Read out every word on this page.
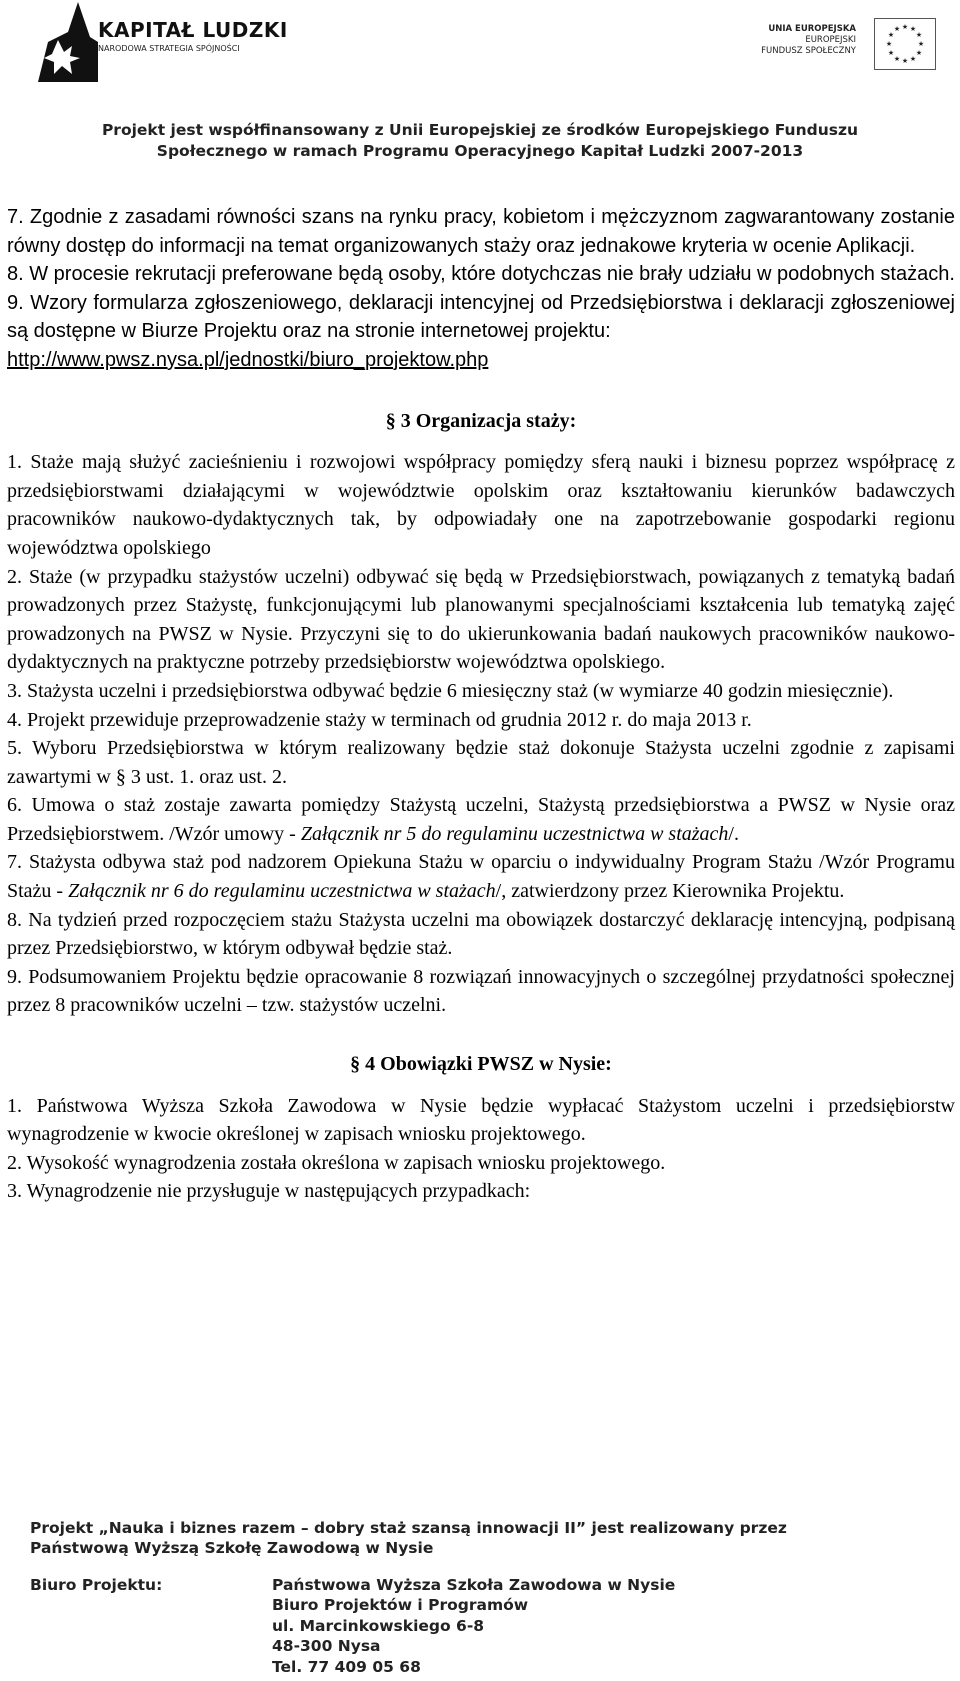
KAPITAŁ LUDZKI
NARODOWA STRATEGIA SPÓJNOŚCI
UNIA EUROPEJSKA
EUROPEJSKI
FUNDUSZ SPOŁECZNY
★ ★
★
★
★
★
★
★
★
★
★
★
Projekt jest współfinansowany z Unii Europejskiej ze środków Europejskiego Funduszu
Społecznego w ramach Programu Operacyjnego Kapitał Ludzki 2007-2013

7. Zgodnie z zasadami równości szans na rynku pracy, kobietom i mężczyznom zagwarantowany zostanie równy dostęp do informacji na temat organizowanych staży oraz jednakowe kryteria w ocenie Aplikacji.

8. W procesie rekrutacji preferowane będą osoby, które dotychczas nie brały udziału w podobnych stażach.

9. Wzory formularza zgłoszeniowego, deklaracji intencyjnej od Przedsiębiorstwa i deklaracji zgłoszeniowej są dostępne w Biurze Projektu oraz na stronie internetowej projektu:

http://www.pwsz.nysa.pl/jednostki/biuro_projektow.php

§ 3 Organizacja staży:

1. Staże mają służyć zacieśnieniu i rozwojowi współpracy pomiędzy sferą nauki i biznesu poprzez współpracę z przedsiębiorstwami działającymi w województwie opolskim oraz kształtowaniu kierunków badawczych pracowników naukowo-dydaktycznych tak, by odpowiadały one na zapotrzebowanie gospodarki regionu województwa opolskiego

2. Staże (w przypadku stażystów uczelni) odbywać się będą w Przedsiębiorstwach, powiązanych z tematyką badań prowadzonych przez Stażystę, funkcjonującymi lub planowanymi specjalnościami kształcenia lub tematyką zajęć prowadzonych na PWSZ w Nysie. Przyczyni się to do ukierunkowania badań naukowych pracowników naukowo-dydaktycznych na praktyczne potrzeby przedsiębiorstw województwa opolskiego.

3. Stażysta uczelni i przedsiębiorstwa odbywać będzie 6 miesięczny staż (w wymiarze 40 godzin miesięcznie).

4. Projekt przewiduje przeprowadzenie staży w terminach od grudnia 2012 r. do maja 2013 r.

5. Wyboru Przedsiębiorstwa w którym realizowany będzie staż dokonuje Stażysta uczelni zgodnie z zapisami zawartymi w § 3 ust. 1. oraz ust. 2.

6. Umowa o staż zostaje zawarta pomiędzy Stażystą uczelni, Stażystą przedsiębiorstwa a PWSZ w Nysie oraz Przedsiębiorstwem. /Wzór umowy - Załącznik nr 5 do regulaminu uczestnictwa w stażach/.

7. Stażysta odbywa staż pod nadzorem Opiekuna Stażu w oparciu o indywidualny Program Stażu /Wzór Programu Stażu - Załącznik nr 6 do regulaminu uczestnictwa w stażach/, zatwierdzony przez Kierownika Projektu.

8. Na tydzień przed rozpoczęciem stażu Stażysta uczelni ma obowiązek dostarczyć deklarację intencyjną, podpisaną przez Przedsiębiorstwo, w którym odbywał będzie staż.

9. Podsumowaniem Projektu będzie opracowanie 8 rozwiązań innowacyjnych o szczególnej przydatności społecznej przez 8 pracowników uczelni – tzw. stażystów uczelni.

§ 4 Obowiązki PWSZ w Nysie:

1. Państwowa Wyższa Szkoła Zawodowa w Nysie będzie wypłacać Stażystom uczelni i przedsiębiorstw wynagrodzenie w kwocie określonej w zapisach wniosku projektowego.

2. Wysokość wynagrodzenia została określona w zapisach wniosku projektowego.

3. Wynagrodzenie nie przysługuje w następujących przypadkach:

Projekt „Nauka i biznes razem – dobry staż szansą innowacji II” jest realizowany przez
Państwową Wyższą Szkołę Zawodową w Nysie
Biuro Projektu:	Państwowa Wyższa Szkoła Zawodowa w Nysie
Biuro Projektów i Programów
ul. Marcinkowskiego 6-8
48-300 Nysa
Tel. 77 409 05 68
